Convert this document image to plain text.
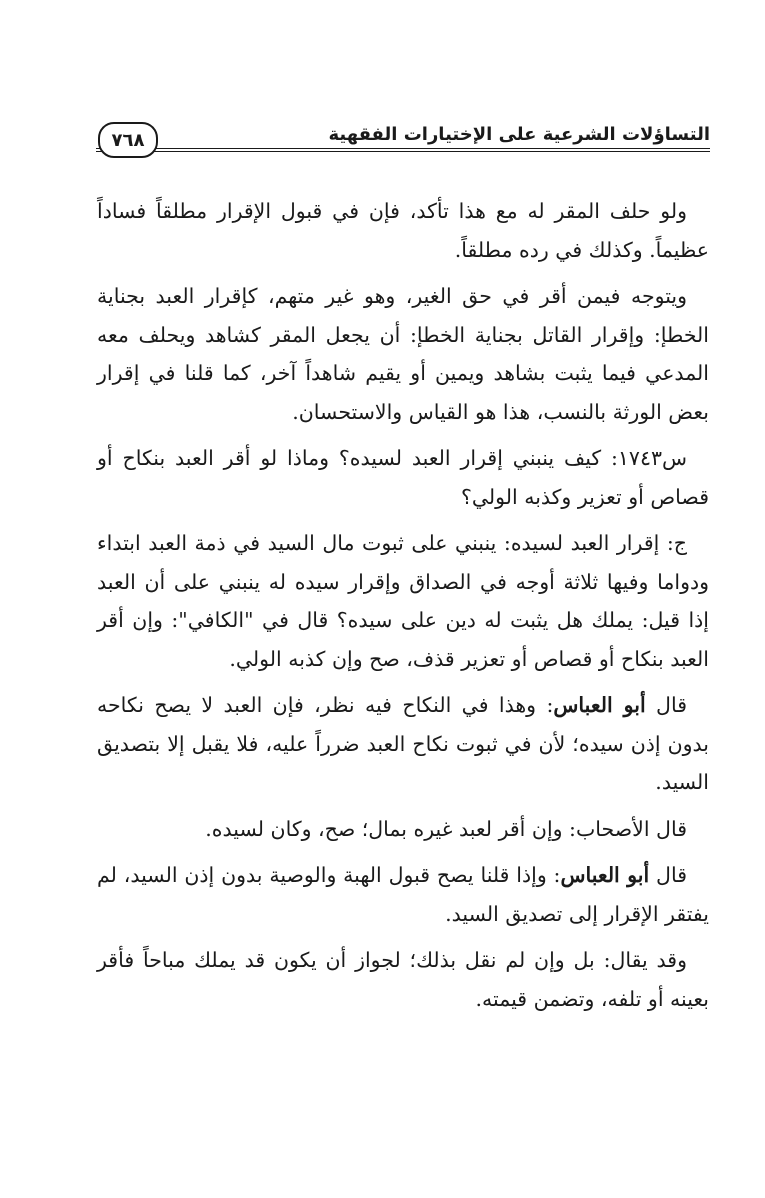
٧٦٨	التساؤلات الشرعية على الإختيارات الفقهية

ولو حلف المقر له مع هذا تأكد، فإن في قبول الإقرار مطلقاً فساداً عظيماً. وكذلك في رده مطلقاً.

ويتوجه فيمن أقر في حق الغير، وهو غير متهم، كإقرار العبد بجناية الخطإ: وإقرار القاتل بجناية الخطإ: أن يجعل المقر كشاهد ويحلف معه المدعي فيما يثبت بشاهد ويمين أو يقيم شاهداً آخر، كما قلنا في إقرار بعض الورثة بالنسب، هذا هو القياس والاستحسان.

س١٧٤٣: كيف ينبني إقرار العبد لسيده؟ وماذا لو أقر العبد بنكاح أو قصاص أو تعزير وكذبه الولي؟

ج: إقرار العبد لسيده: ينبني على ثبوت مال السيد في ذمة العبد ابتداء ودواما وفيها ثلاثة أوجه في الصداق وإقرار سيده له ينبني على أن العبد إذا قيل: يملك هل يثبت له دين على سيده؟ قال في "الكافي": وإن أقر العبد بنكاح أو قصاص أو تعزير قذف، صح وإن كذبه الولي.

قال أبو العباس: وهذا في النكاح فيه نظر، فإن العبد لا يصح نكاحه بدون إذن سيده؛ لأن في ثبوت نكاح العبد ضرراً عليه، فلا يقبل إلا بتصديق السيد.

قال الأصحاب: وإن أقر لعبد غيره بمال؛ صح، وكان لسيده.

قال أبو العباس: وإذا قلنا يصح قبول الهبة والوصية بدون إذن السيد، لم يفتقر الإقرار إلى تصديق السيد.

وقد يقال: بل وإن لم نقل بذلك؛ لجواز أن يكون قد يملك مباحاً فأقر بعينه أو تلفه، وتضمن قيمته.
